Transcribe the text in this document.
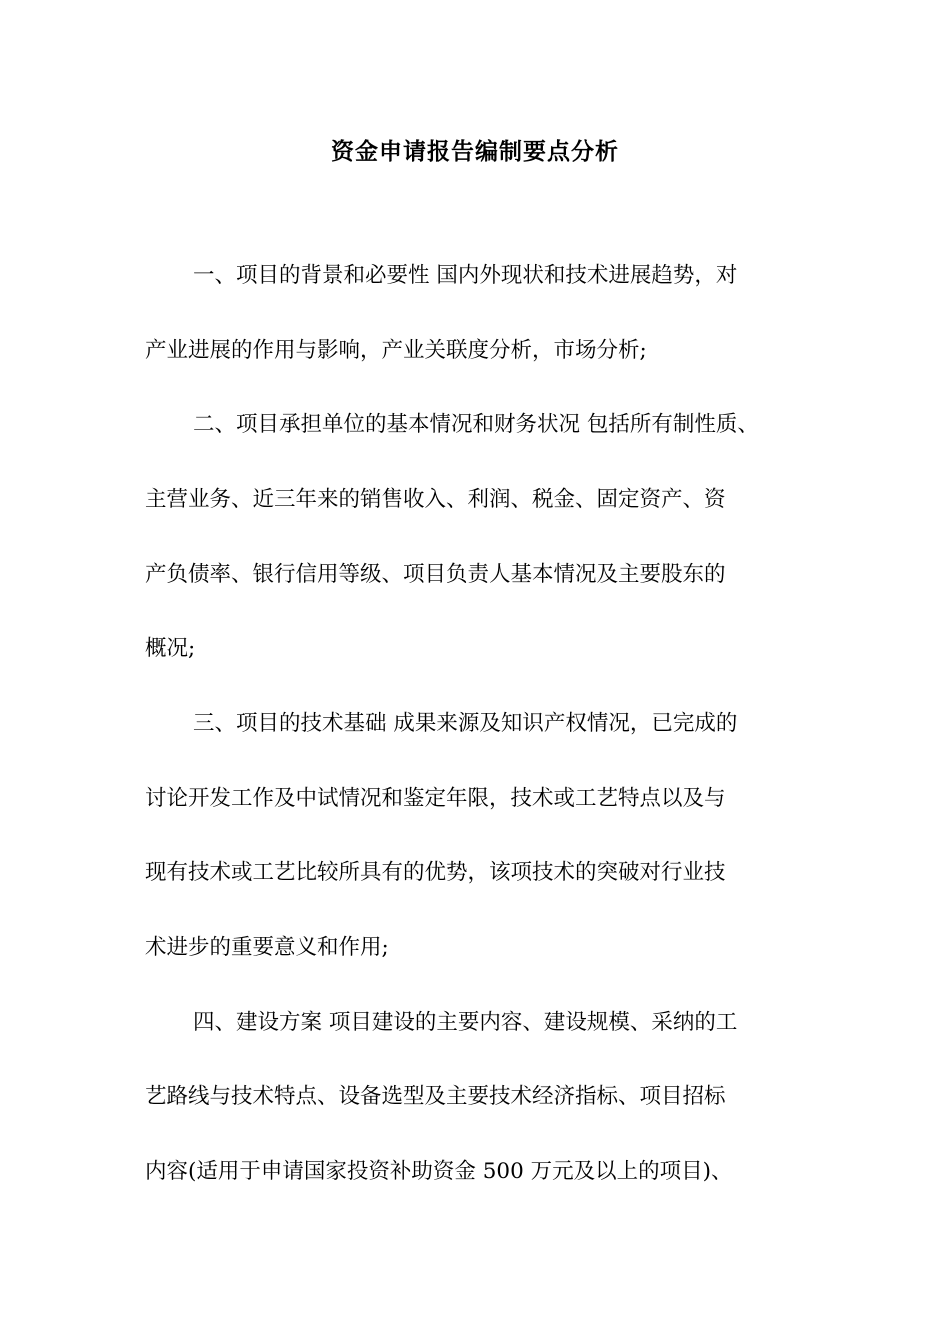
资金申请报告编制要点分析
一、项目的背景和必要性 国内外现状和技术进展趋势，对
产业进展的作用与影响，产业关联度分析，市场分析;
二、项目承担单位的基本情况和财务状况 包括所有制性质、
主营业务、近三年来的销售收入、利润、税金、固定资产、资
产负债率、银行信用等级、项目负责人基本情况及主要股东的
概况;
三、项目的技术基础 成果来源及知识产权情况，已完成的
讨论开发工作及中试情况和鉴定年限，技术或工艺特点以及与
现有技术或工艺比较所具有的优势，该项技术的突破对行业技
术进步的重要意义和作用;
四、建设方案 项目建设的主要内容、建设规模、采纳的工
艺路线与技术特点、设备选型及主要技术经济指标、项目招标
内容(适用于申请国家投资补助资金 500 万元及以上的项目)、
